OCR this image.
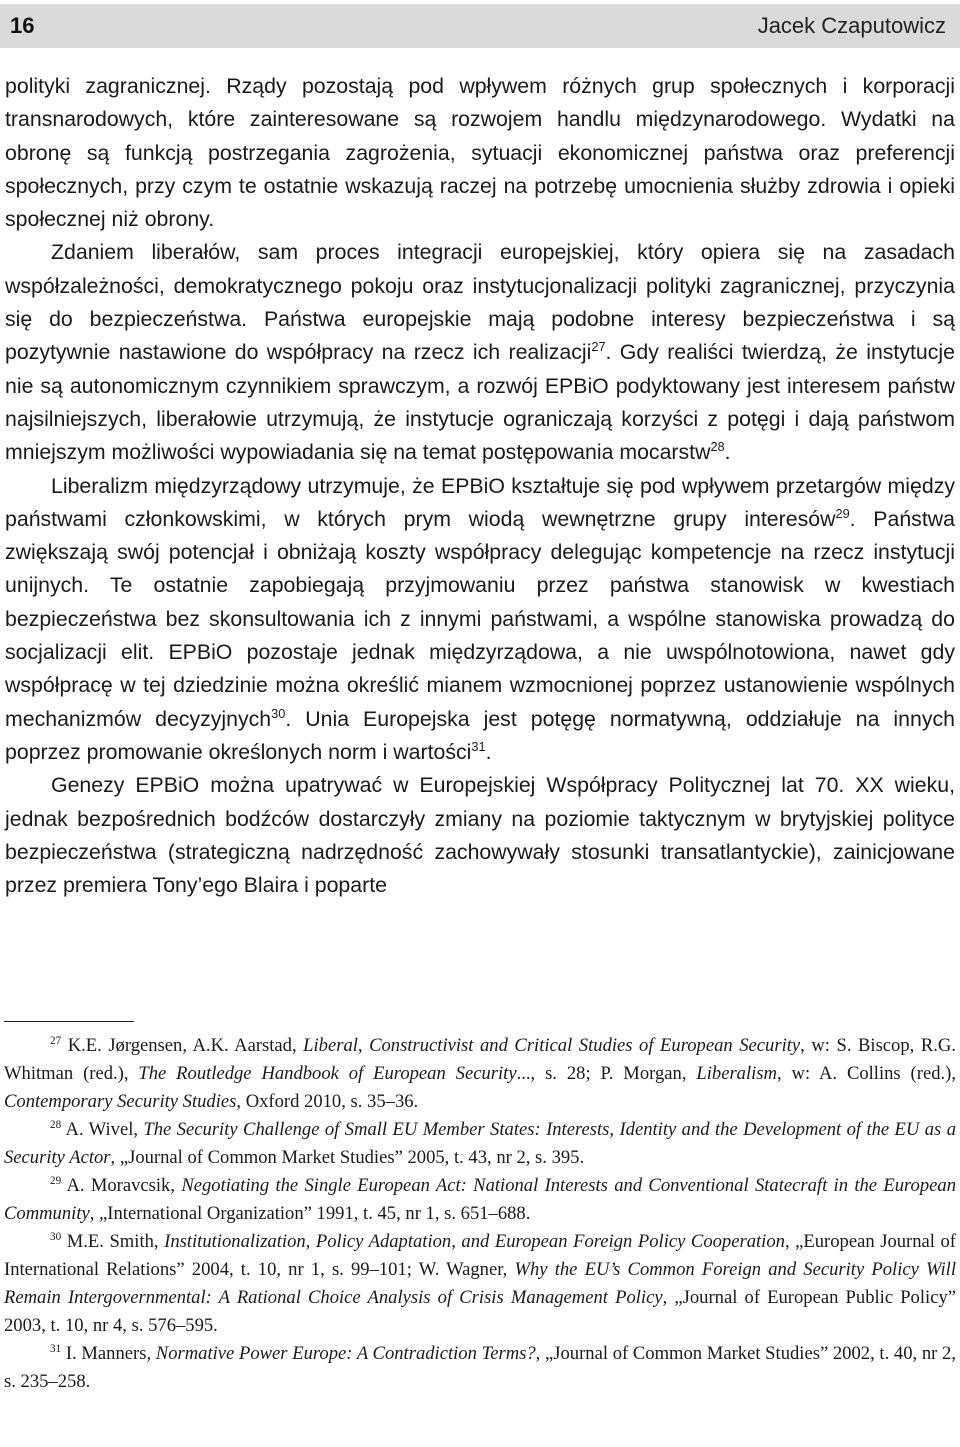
16	Jacek Czaputowicz

polityki zagranicznej. Rządy pozostają pod wpływem różnych grup społecznych i korporacji transnarodowych, które zainteresowane są rozwojem handlu międzynarodowego. Wydatki na obronę są funkcją postrzegania zagrożenia, sytuacji ekonomicznej państwa oraz preferencji społecznych, przy czym te ostatnie wskazują raczej na potrzebę umocnienia służby zdrowia i opieki społecznej niż obrony.

Zdaniem liberałów, sam proces integracji europejskiej, który opiera się na zasadach współzależności, demokratycznego pokoju oraz instytucjonalizacji polityki zagranicznej, przyczynia się do bezpieczeństwa. Państwa europejskie mają podobne interesy bezpieczeństwa i są pozytywnie nastawione do współpracy na rzecz ich realizacji$^{27}$. Gdy realiści twierdzą, że instytucje nie są autonomicznym czynnikiem sprawczym, a rozwój EPBiO podyktowany jest interesem państw najsilniejszych, liberałowie utrzymują, że instytucje ograniczają korzyści z potęgi i dają państwom mniejszym możliwości wypowiadania się na temat postępowania mocarstw$^{28}$.

Liberalizm międzyrządowy utrzymuje, że EPBiO kształtuje się pod wpływem przetargów między państwami członkowskimi, w których prym wiodą wewnętrzne grupy interesów$^{29}$. Państwa zwiększają swój potencjał i obniżają koszty współpracy delegując kompetencje na rzecz instytucji unijnych. Te ostatnie zapobiegają przyjmowaniu przez państwa stanowisk w kwestiach bezpieczeństwa bez skonsultowania ich z innymi państwami, a wspólne stanowiska prowadzą do socjalizacji elit. EPBiO pozostaje jednak międzyrządowa, a nie uwspólnotowiona, nawet gdy współpracę w tej dziedzinie można określić mianem wzmocnionej poprzez ustanowienie wspólnych mechanizmów decyzyjnych$^{30}$. Unia Europejska jest potęgę normatywną, oddziałuje na innych poprzez promowanie określonych norm i wartości$^{31}$.

Genezy EPBiO można upatrywać w Europejskiej Współpracy Politycznej lat 70. XX wieku, jednak bezpośrednich bodźców dostarczyły zmiany na poziomie taktycznym w brytyjskiej polityce bezpieczeństwa (strategiczną nadrzędność zachowywały stosunki transatlantyckie), zainicjowane przez premiera Tony’ego Blaira i poparte

$^{27}$ K.E. Jørgensen, A.K. Aarstad, Liberal, Constructivist and Critical Studies of European Security, w: S. Biscop, R.G. Whitman (red.), The Routledge Handbook of European Security..., s. 28; P. Morgan, Liberalism, w: A. Collins (red.), Contemporary Security Studies, Oxford 2010, s. 35–36.

$^{28}$ A. Wivel, The Security Challenge of Small EU Member States: Interests, Identity and the Development of the EU as a Security Actor, „Journal of Common Market Studies” 2005, t. 43, nr 2, s. 395.

$^{29}$ A. Moravcsik, Negotiating the Single European Act: National Interests and Conventional Statecraft in the European Community, „International Organization” 1991, t. 45, nr 1, s. 651–688.

$^{30}$ M.E. Smith, Institutionalization, Policy Adaptation, and European Foreign Policy Cooperation, „European Journal of International Relations” 2004, t. 10, nr 1, s. 99–101; W. Wagner, Why the EU’s Common Foreign and Security Policy Will Remain Intergovernmental: A Rational Choice Analysis of Crisis Management Policy, „Journal of European Public Policy” 2003, t. 10, nr 4, s. 576–595.

$^{31}$ I. Manners, Normative Power Europe: A Contradiction Terms?, „Journal of Common Market Studies” 2002, t. 40, nr 2, s. 235–258.
